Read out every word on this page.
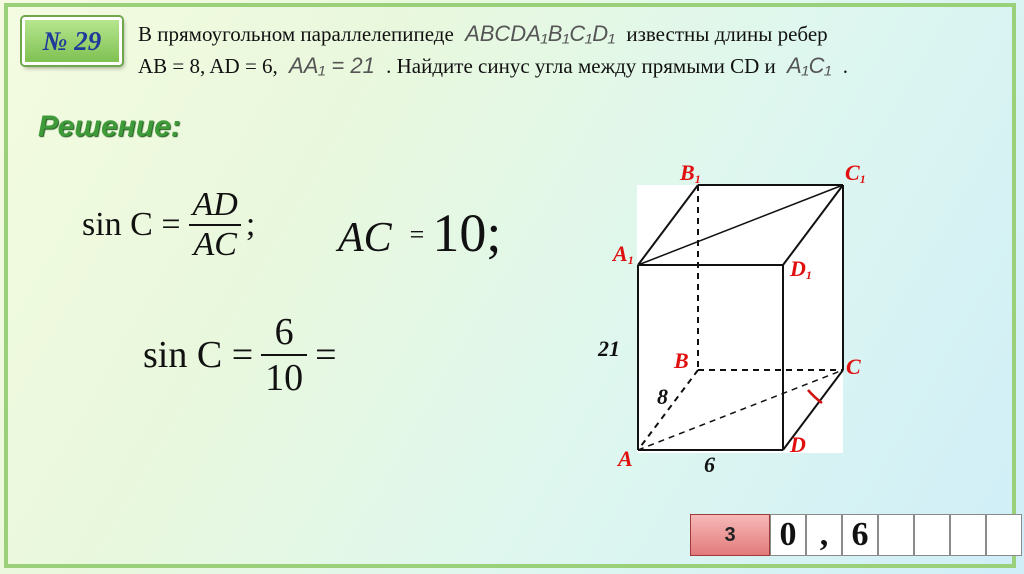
№ 29 В прямоугольном параллелепипеде ABCDA₁B₁C₁D₁ известны длины ребер
AB = 8, AD = 6, AA₁ = 21 . Найдите синус угла между прямыми CD и A₁C₁ .
Решение:
$\sin C = \frac{AD}{AC}$ ; AC = 10;
$\sin C = \frac{6}{10}$ =
B1	C1
A1	D1
B	C
A
D
21
8
6
3	0 , 6
